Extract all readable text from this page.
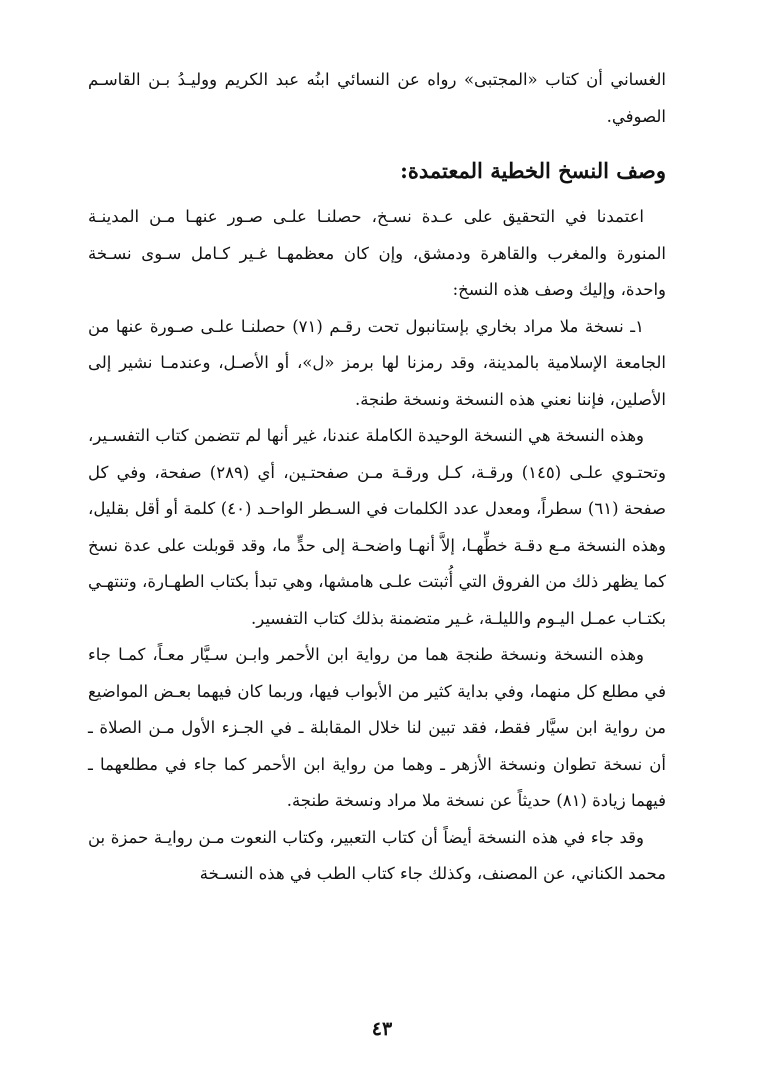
الغساني أن كتاب «المجتبى» رواه عن النسائي ابنُه عبد الكريم ووليـدُ بـن القاسـم الصوفي.

وصف النسخ الخطية المعتمدة:

اعتمدنا في التحقيق على عـدة نسـخ، حصلنـا علـى صـور عنهـا مـن المدينـة المنورة والمغرب والقاهرة ودمشق، وإن كان معظمهـا غـير كـامل سـوى نسـخة واحدة، وإليك وصف هذه النسخ:

١ـ نسخة ملا مراد بخاري بإستانبول تحت رقـم (٧١) حصلنـا علـى صـورة عنها من الجامعة الإسلامية بالمدينة، وقد رمزنا لها برمز «ل»، أو الأصـل، وعندمـا نشير إلى الأصلين، فإننا نعني هذه النسخة ونسخة طنجة.

وهذه النسخة هي النسخة الوحيدة الكاملة عندنا، غير أنها لم تتضمن كتاب التفسـير، وتحتـوي علـى (١٤٥) ورقـة، كـل ورقـة مـن صفحتـين، أي (٢٨٩) صفحة، وفي كل صفحة (٦١) سطراً، ومعدل عدد الكلمات في السـطر الواحـد (٤٠) كلمة أو أقل بقليل، وهذه النسخة مـع دقـة خطِّهـا، إلاَّ أنهـا واضحـة إلى حدٍّ ما، وقد قوبلت على عدة نسخ كما يظهر ذلك من الفروق التي أُثبتت علـى هامشها، وهي تبدأ بكتاب الطهـارة، وتنتهـي بكتـاب عمـل اليـوم والليلـة، غـير متضمنة بذلك كتاب التفسير.

وهذه النسخة ونسخة طنجة هما من رواية ابن الأحمر وابـن سـيَّار معـاً، كمـا جاء في مطلع كل منهما، وفي بداية كثير من الأبواب فيها، وربما كان فيهما بعـض المواضيع من رواية ابن سيَّار فقط، فقد تبين لنا خلال المقابلة ـ في الجـزء الأول مـن الصلاة ـ أن نسخة تطوان ونسخة الأزهر ـ وهما من رواية ابن الأحمر كما جاء في مطلعهما ـ فيهما زيادة (٨١) حديثاً عن نسخة ملا مراد ونسخة طنجة.

وقد جاء في هذه النسخة أيضاً أن كتاب التعبير، وكتاب النعوت مـن روايـة حمزة بن محمد الكناني، عن المصنف، وكذلك جاء كتاب الطب في هذه النسـخة

٤٣
